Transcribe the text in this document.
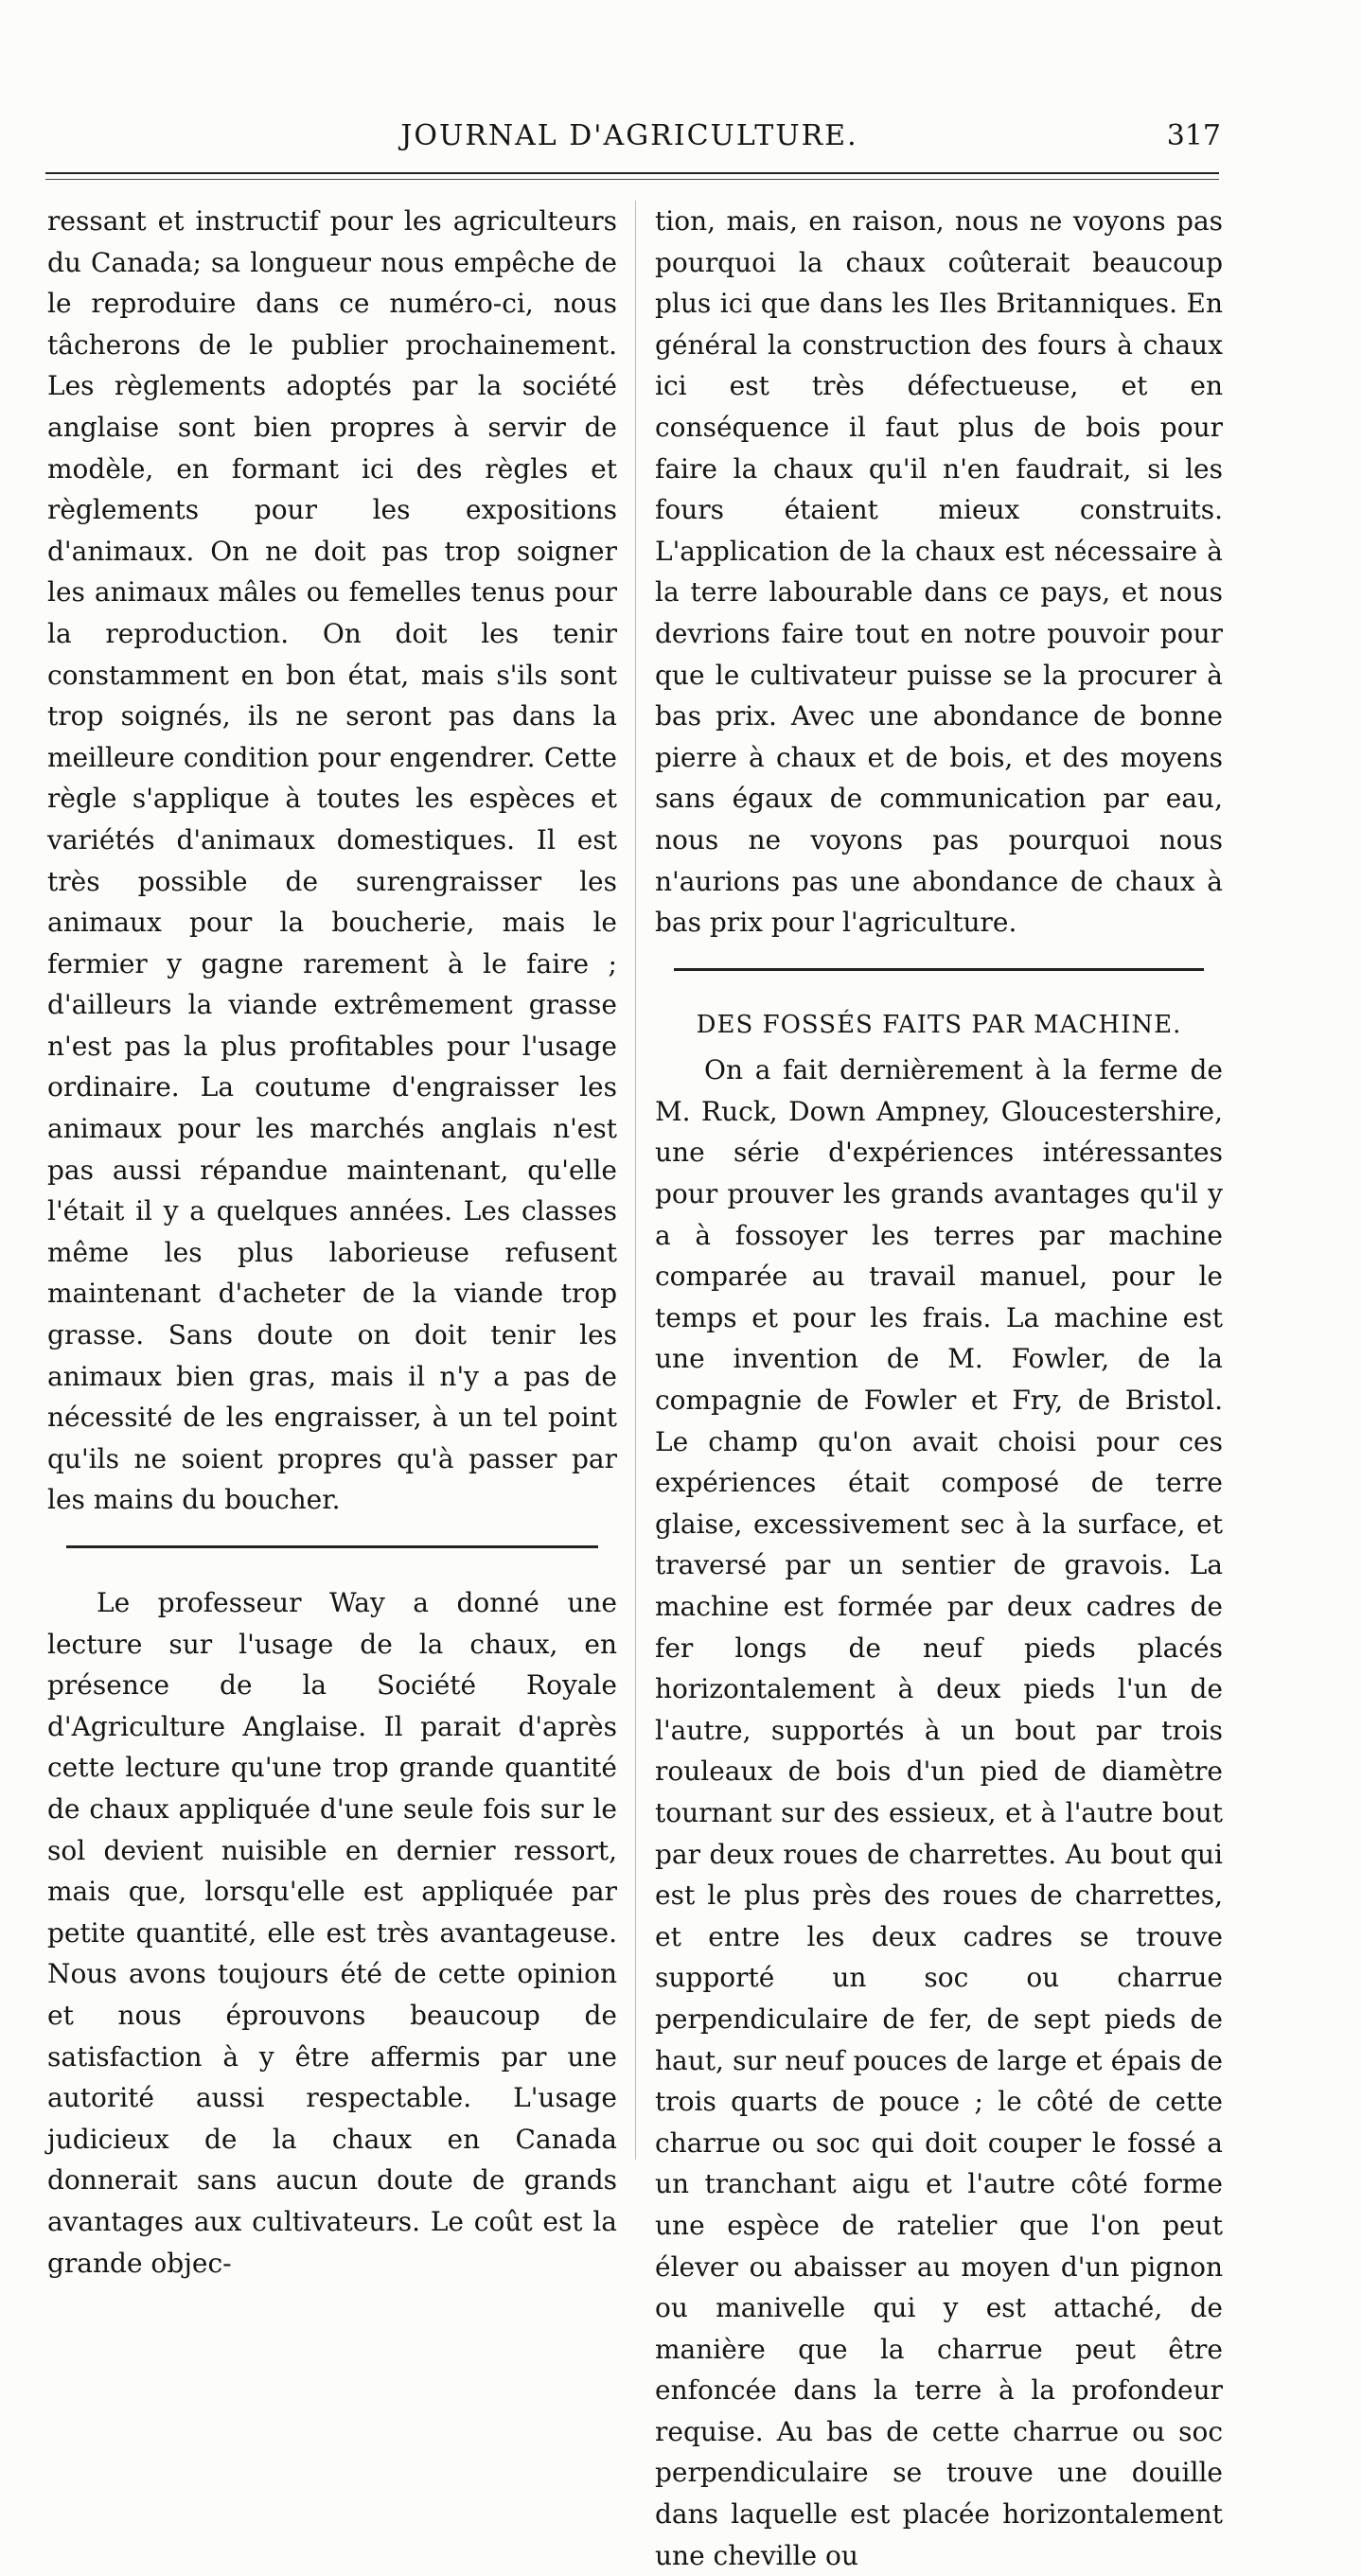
JOURNAL D'AGRICULTURE.	317

ressant et instructif pour les agriculteurs du Canada; sa longueur nous empêche de le reproduire dans ce numéro-ci, nous tâcherons de le publier prochainement. Les règlements adoptés par la société anglaise sont bien propres à servir de modèle, en formant ici des règles et règlements pour les expositions d'animaux. On ne doit pas trop soigner les animaux mâles ou femelles tenus pour la reproduction. On doit les tenir constamment en bon état, mais s'ils sont trop soignés, ils ne seront pas dans la meilleure condition pour engendrer. Cette règle s'applique à toutes les espèces et variétés d'animaux domestiques. Il est très possible de surengraisser les animaux pour la boucherie, mais le fermier y gagne rarement à le faire ; d'ailleurs la viande extrêmement grasse n'est pas la plus profitables pour l'usage ordinaire. La coutume d'engraisser les animaux pour les marchés anglais n'est pas aussi répandue maintenant, qu'elle l'était il y a quelques années. Les classes même les plus laborieuse refusent maintenant d'acheter de la viande trop grasse. Sans doute on doit tenir les animaux bien gras, mais il n'y a pas de nécessité de les engraisser, à un tel point qu'ils ne soient propres qu'à passer par les mains du boucher.

Le professeur Way a donné une lecture sur l'usage de la chaux, en présence de la Société Royale d'Agriculture Anglaise. Il parait d'après cette lecture qu'une trop grande quantité de chaux appliquée d'une seule fois sur le sol devient nuisible en dernier ressort, mais que, lorsqu'elle est appliquée par petite quantité, elle est très avantageuse. Nous avons toujours été de cette opinion et nous éprouvons beaucoup de satisfaction à y être affermis par une autorité aussi respectable. L'usage judicieux de la chaux en Canada donnerait sans aucun doute de grands avantages aux cultivateurs. Le coût est la grande objec-

tion, mais, en raison, nous ne voyons pas pourquoi la chaux coûterait beaucoup plus ici que dans les Iles Britanniques. En général la construction des fours à chaux ici est très défectueuse, et en conséquence il faut plus de bois pour faire la chaux qu'il n'en faudrait, si les fours étaient mieux construits. L'application de la chaux est nécessaire à la terre labourable dans ce pays, et nous devrions faire tout en notre pouvoir pour que le cultivateur puisse se la procurer à bas prix. Avec une abondance de bonne pierre à chaux et de bois, et des moyens sans égaux de communication par eau, nous ne voyons pas pourquoi nous n'aurions pas une abondance de chaux à bas prix pour l'agriculture.

DES FOSSÉS FAITS PAR MACHINE.

On a fait dernièrement à la ferme de M. Ruck, Down Ampney, Gloucestershire, une série d'expériences intéressantes pour prouver les grands avantages qu'il y a à fossoyer les terres par machine comparée au travail manuel, pour le temps et pour les frais. La machine est une invention de M. Fowler, de la compagnie de Fowler et Fry, de Bristol. Le champ qu'on avait choisi pour ces expériences était composé de terre glaise, excessivement sec à la surface, et traversé par un sentier de gravois. La machine est formée par deux cadres de fer longs de neuf pieds placés horizontalement à deux pieds l'un de l'autre, supportés à un bout par trois rouleaux de bois d'un pied de diamètre tournant sur des essieux, et à l'autre bout par deux roues de charrettes. Au bout qui est le plus près des roues de charrettes, et entre les deux cadres se trouve supporté un soc ou charrue perpendiculaire de fer, de sept pieds de haut, sur neuf pouces de large et épais de trois quarts de pouce ; le côté de cette charrue ou soc qui doit couper le fossé a un tranchant aigu et l'autre côté forme une espèce de ratelier que l'on peut élever ou abaisser au moyen d'un pignon ou manivelle qui y est attaché, de manière que la charrue peut être enfoncée dans la terre à la profondeur requise. Au bas de cette charrue ou soc perpendiculaire se trouve une douille dans laquelle est placée horizontalement une cheville ou
